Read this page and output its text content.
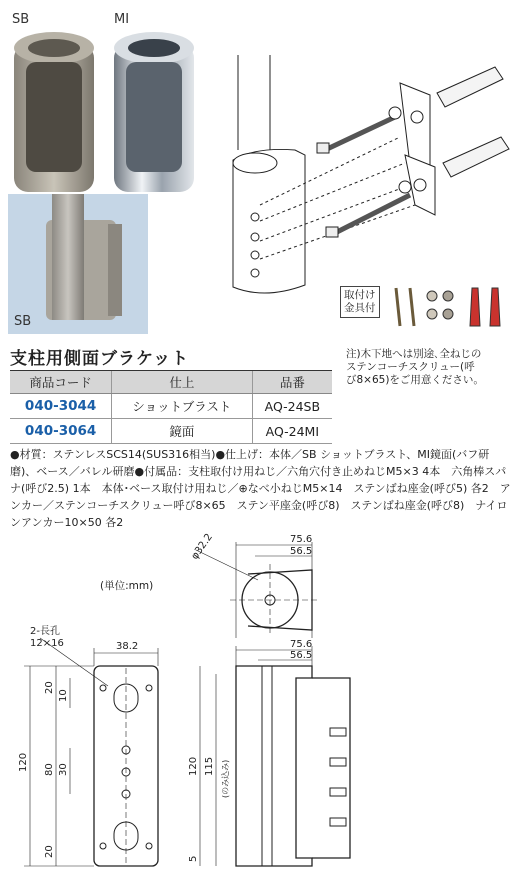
SB	MI
SB
取付け
金具付
支柱用側面ブラケット
商品コード	仕上	品番
040-3044	ショットブラスト	AQ-24SB
040-3064	鏡面	AQ-24MI
注)木下地へは別途､全ねじの
ステンコーチスクリュー(呼
び8×65)をご用意ください。
●材質：ステンレスSCS14(SUS316相当)●仕上げ：本体／SB ショットブラスト、MI鏡面(バフ研磨)、ベース／バレル研磨●付属品：支柱取付け用ねじ／六角穴付き止めねじM5×3 4本　六角棒スパナ(呼び2.5) 1本　本体･ベース取付け用ねじ／⊕なべ小ねじM5×14　ステンばね座金(呼び5) 各2　アンカー／ステンコーチスクリュー呼び8×65　ステン平座金(呼び8)　ステンばね座金(呼び8)　ナイロンアンカー10×50 各2
(単位:mm)
75.6
56.5
φ32.2
2-長孔 12×16	38.2
120 80 30
10
20
20
75.6
56.5
120 115 (のみ込み)
5
